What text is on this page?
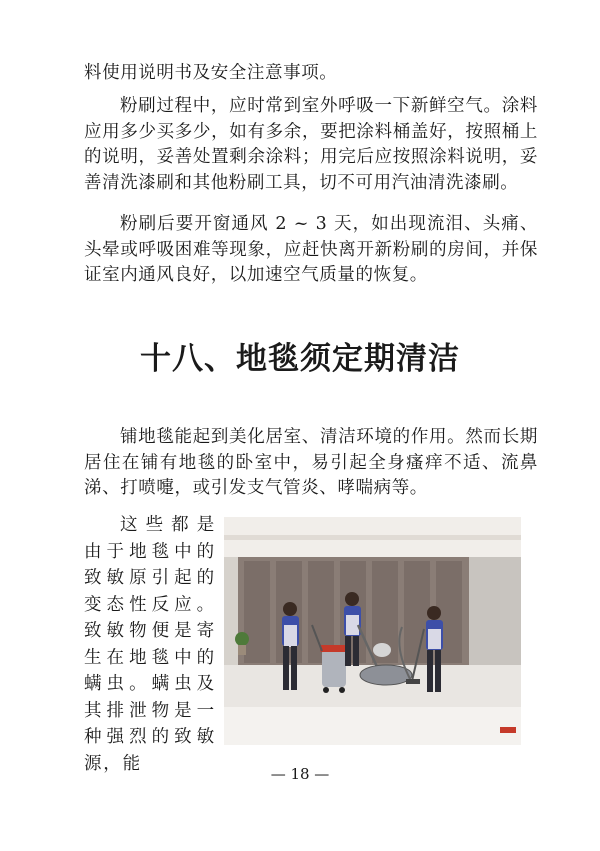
料使用说明书及安全注意事项。

粉刷过程中，应时常到室外呼吸一下新鲜空气。涂料应用多少买多少，如有多余，要把涂料桶盖好，按照桶上的说明，妥善处置剩余涂料；用完后应按照涂料说明，妥善清洗漆刷和其他粉刷工具，切不可用汽油清洗漆刷。

粉刷后要开窗通风 2 ~ 3 天，如出现流泪、头痛、头晕或呼吸困难等现象，应赶快离开新粉刷的房间，并保证室内通风良好，以加速空气质量的恢复。

十八、地毯须定期清洁

铺地毯能起到美化居室、清洁环境的作用。然而长期居住在铺有地毯的卧室中，易引起全身瘙痒不适、流鼻涕、打喷嚏，或引发支气管炎、哮喘病等。

这些都是由于地毯中的致敏原引起的变态性反应。致敏物便是寄生在地毯中的螨虫。螨虫及其排泄物是一种强烈的致敏源，能

— 18 —
